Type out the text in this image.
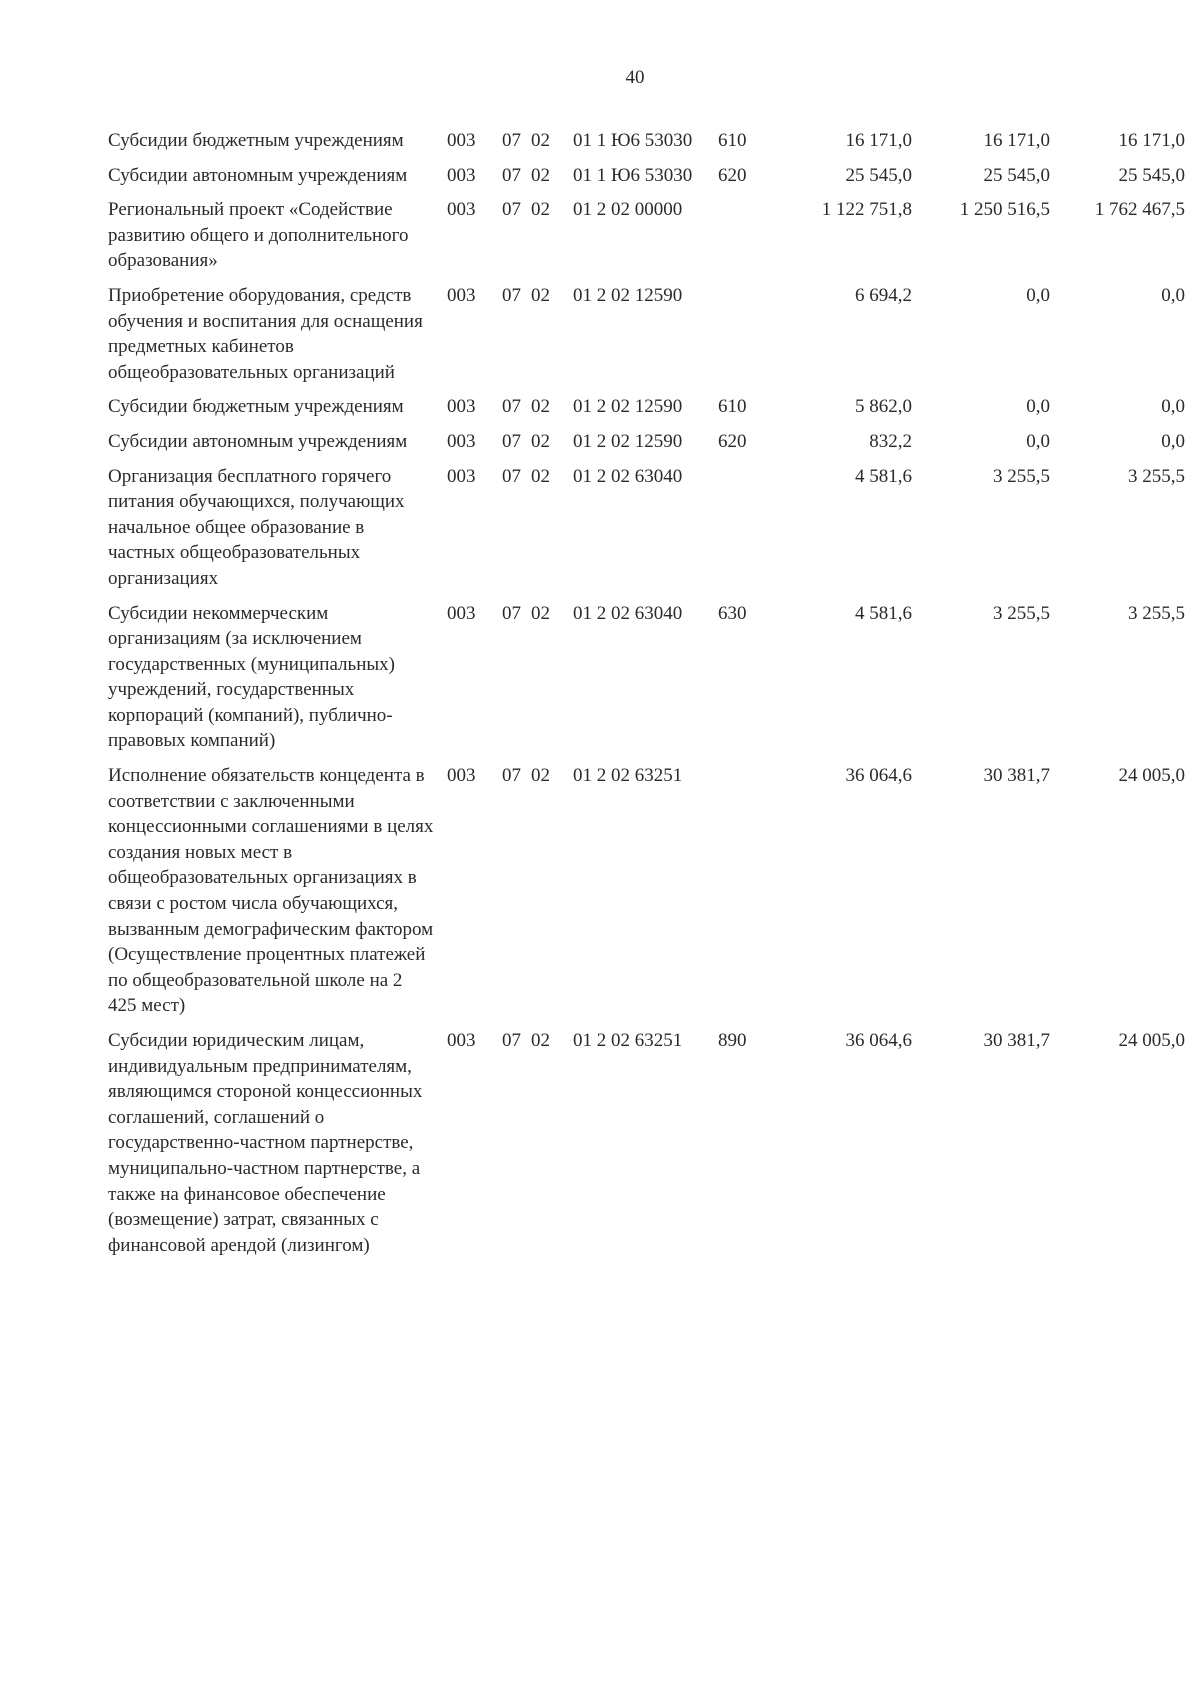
40
Субсидии бюджетным учреждениям	003	07	02	01 1 Ю6 53030	610	16 171,0	16 171,0	16 171,0

Субсидии автономным учреждениям	003	07	02	01 1 Ю6 53030	620	25 545,0	25 545,0	25 545,0

Региональный проект «Содействие развитию общего и дополнительного образования»	003	07	02	01 2 02 00000		1 122 751,8	1 250 516,5	1 762 467,5

Приобретение оборудования, средств обучения и воспитания для оснащения предметных кабинетов общеобразовательных организаций	003	07	02	01 2 02 12590		6 694,2	0,0	0,0

Субсидии бюджетным учреждениям	003	07	02	01 2 02 12590	610	5 862,0	0,0	0,0

Субсидии автономным учреждениям	003	07	02	01 2 02 12590	620	832,2	0,0	0,0

Организация бесплатного горячего питания обучающихся, получающих начальное общее образование в частных общеобразовательных организациях	003	07	02	01 2 02 63040		4 581,6	3 255,5	3 255,5

Субсидии некоммерческим организациям (за исключением государственных (муниципальных) учреждений, государственных корпораций (компаний), публично-правовых компаний)	003	07	02	01 2 02 63040	630	4 581,6	3 255,5	3 255,5

Исполнение обязательств концедента в соответствии с заключенными концессионными соглашениями в целях создания новых мест в общеобразовательных организациях в связи с ростом числа обучающихся, вызванным демографическим фактором (Осуществление процентных платежей по общеобразовательной школе на 2 425 мест)	003	07	02	01 2 02 63251		36 064,6	30 381,7	24 005,0

Субсидии юридическим лицам, индивидуальным предпринимателям, являющимся стороной концессионных соглашений, соглашений о государственно-частном партнерстве, муниципально-частном партнерстве, а также на финансовое обеспечение (возмещение) затрат, связанных с финансовой арендой (лизингом)	003	07	02	01 2 02 63251	890	36 064,6	30 381,7	24 005,0
